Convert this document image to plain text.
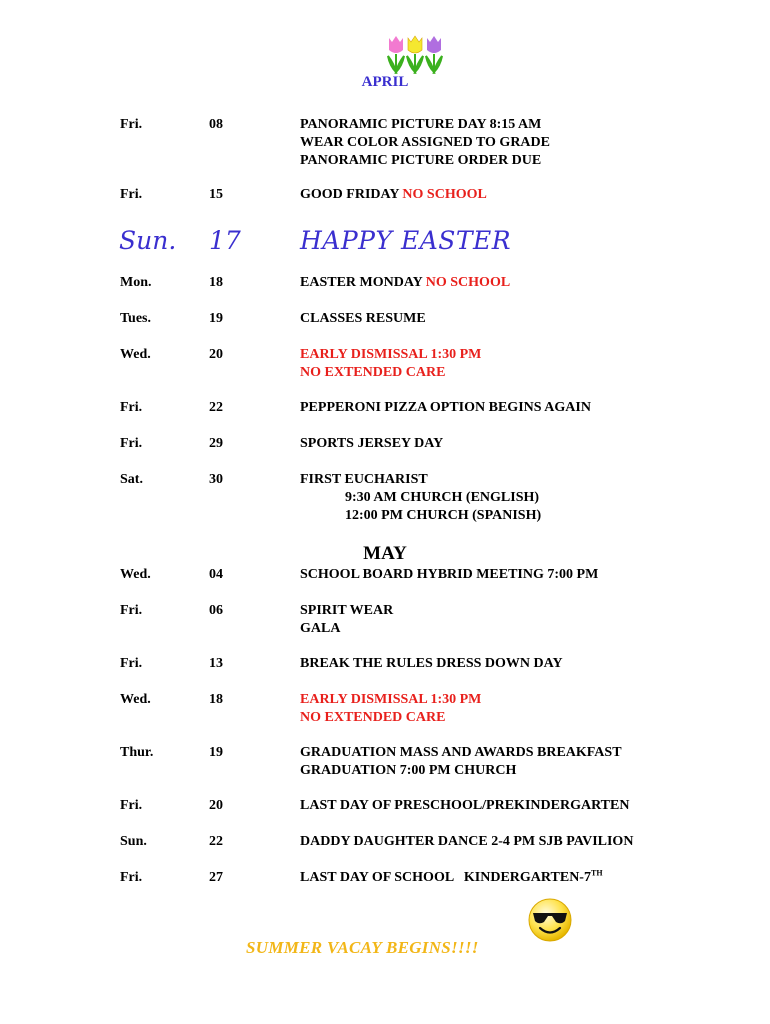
APRIL
Fri.	08	PANORAMIC PICTURE DAY 8:15 AM
WEAR COLOR ASSIGNED TO GRADE
PANORAMIC PICTURE ORDER DUE
Fri.	15	GOOD FRIDAY NO SCHOOL
Sun. 17 HAPPY EASTER
Mon.	18	EASTER MONDAY NO SCHOOL
Tues.	19	CLASSES RESUME
Wed.	20	EARLY DISMISSAL 1:30 PM
NO EXTENDED CARE
Fri.	22	PEPPERONI PIZZA OPTION BEGINS AGAIN
Fri.	29	SPORTS JERSEY DAY
Sat.	30	FIRST EUCHARIST
9:30 AM CHURCH (ENGLISH)
12:00 PM CHURCH (SPANISH)
MAY
Wed.	04	SCHOOL BOARD HYBRID MEETING 7:00 PM
Fri.	06	SPIRIT WEAR
GALA
Fri.	13	BREAK THE RULES DRESS DOWN DAY
Wed.	18	EARLY DISMISSAL 1:30 PM
NO EXTENDED CARE
Thur.	19	GRADUATION MASS AND AWARDS BREAKFAST
GRADUATION 7:00 PM CHURCH
Fri.	20	LAST DAY OF PRESCHOOL/PREKINDERGARTEN
Sun.	22	DADDY DAUGHTER DANCE 2-4 PM SJB PAVILION
Fri.	27	LAST DAY OF SCHOOL   KINDERGARTEN-7TH
SUMMER VACAY BEGINS!!!!
